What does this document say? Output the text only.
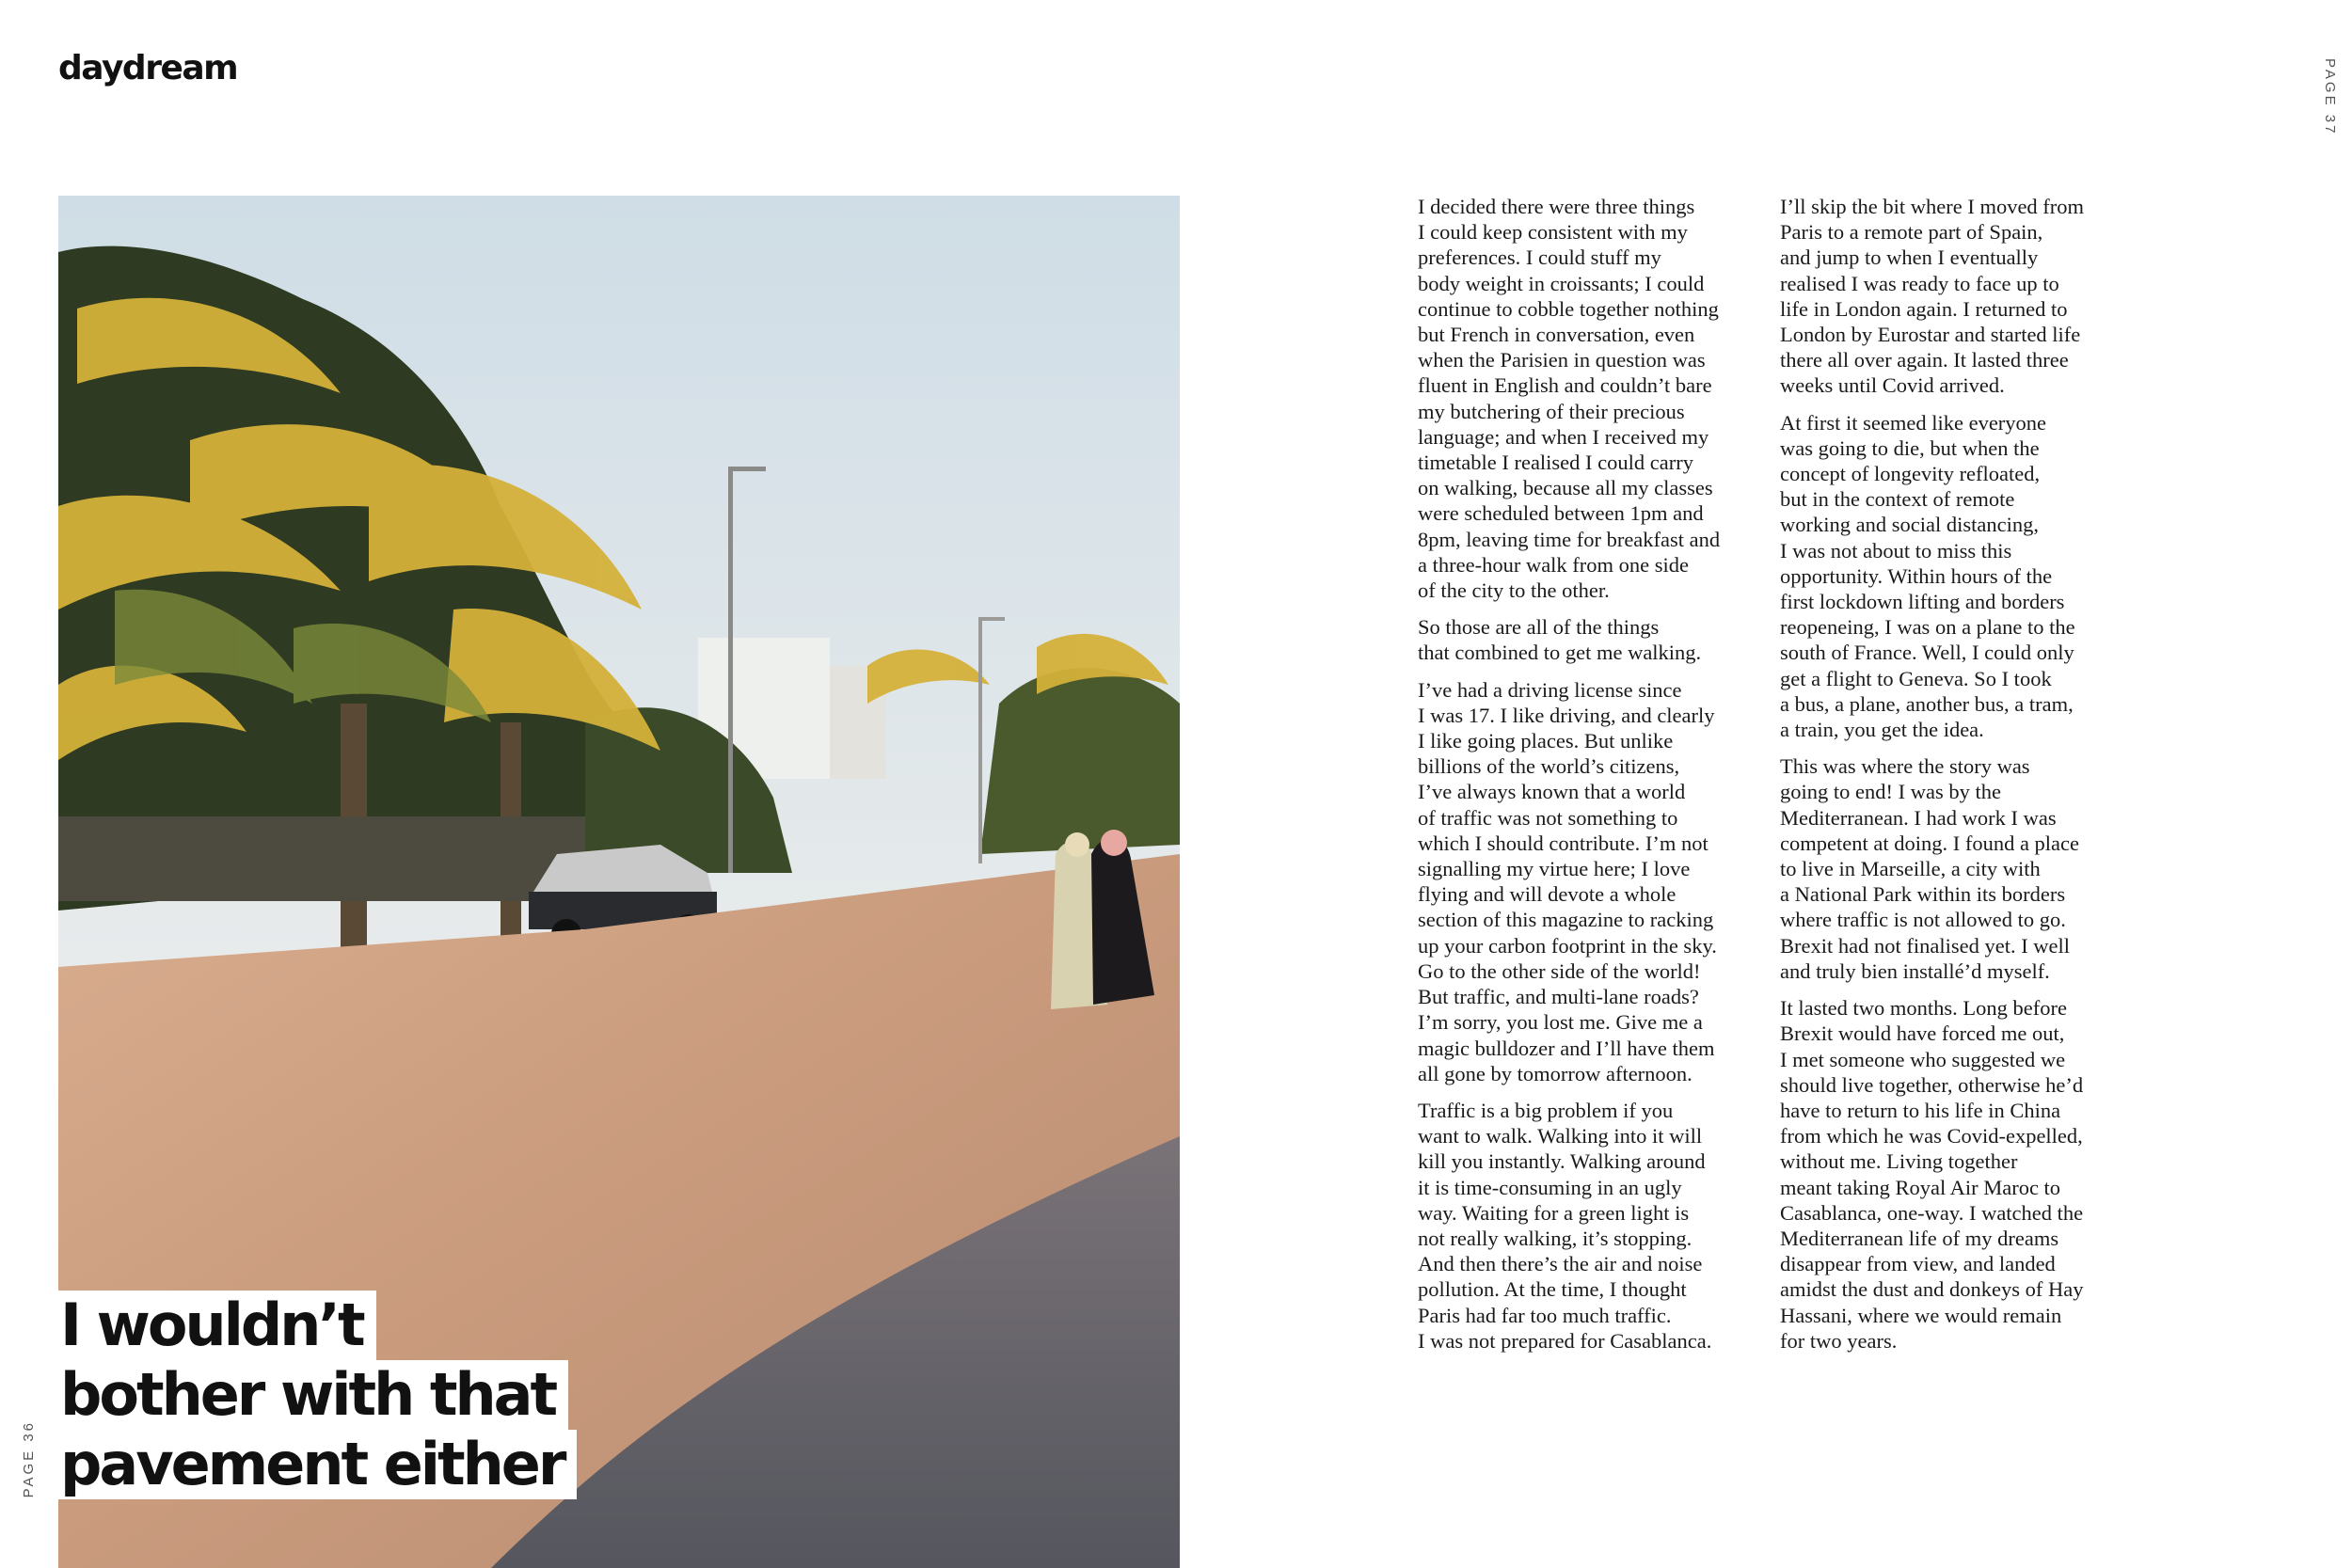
daydream	PAGE 37
PAGE 36
I wouldn’t
bother with that
pavement either

I decided there were three things
I could keep consistent with my
preferences. I could stuff my
body weight in croissants; I could
continue to cobble together nothing
but French in conversation, even
when the Parisien in question was
fluent in English and couldn’t bare
my butchering of their precious
language; and when I received my
timetable I realised I could carry
on walking, because all my classes
were scheduled between 1pm and
8pm, leaving time for breakfast and
a three-hour walk from one side
of the city to the other.

So those are all of the things
that combined to get me walking.

I’ve had a driving license since
I was 17. I like driving, and clearly
I like going places. But unlike
billions of the world’s citizens,
I’ve always known that a world
of traffic was not something to
which I should contribute. I’m not
signalling my virtue here; I love
flying and will devote a whole
section of this magazine to racking
up your carbon footprint in the sky.
Go to the other side of the world!
But traffic, and multi-lane roads?
I’m sorry, you lost me. Give me a
magic bulldozer and I’ll have them
all gone by tomorrow afternoon.

Traffic is a big problem if you
want to walk. Walking into it will
kill you instantly. Walking around
it is time-consuming in an ugly
way. Waiting for a green light is
not really walking, it’s stopping.
And then there’s the air and noise
pollution. At the time, I thought
Paris had far too much traffic.
I was not prepared for Casablanca.

I’ll skip the bit where I moved from
Paris to a remote part of Spain,
and jump to when I eventually
realised I was ready to face up to
life in London again. I returned to
London by Eurostar and started life
there all over again. It lasted three
weeks until Covid arrived.

At first it seemed like everyone
was going to die, but when the
concept of longevity refloated,
but in the context of remote
working and social distancing,
I was not about to miss this
opportunity. Within hours of the
first lockdown lifting and borders
reopeneing, I was on a plane to the
south of France. Well, I could only
get a flight to Geneva. So I took
a bus, a plane, another bus, a tram,
a train, you get the idea.

This was where the story was
going to end! I was by the
Mediterranean. I had work I was
competent at doing. I found a place
to live in Marseille, a city with
a National Park within its borders
where traffic is not allowed to go.
Brexit had not finalised yet. I well
and truly bien installé’d myself.

It lasted two months. Long before
Brexit would have forced me out,
I met someone who suggested we
should live together, otherwise he’d
have to return to his life in China
from which he was Covid-expelled,
without me. Living together
meant taking Royal Air Maroc to
Casablanca, one-way. I watched the
Mediterranean life of my dreams
disappear from view, and landed
amidst the dust and donkeys of Hay
Hassani, where we would remain
for two years.
